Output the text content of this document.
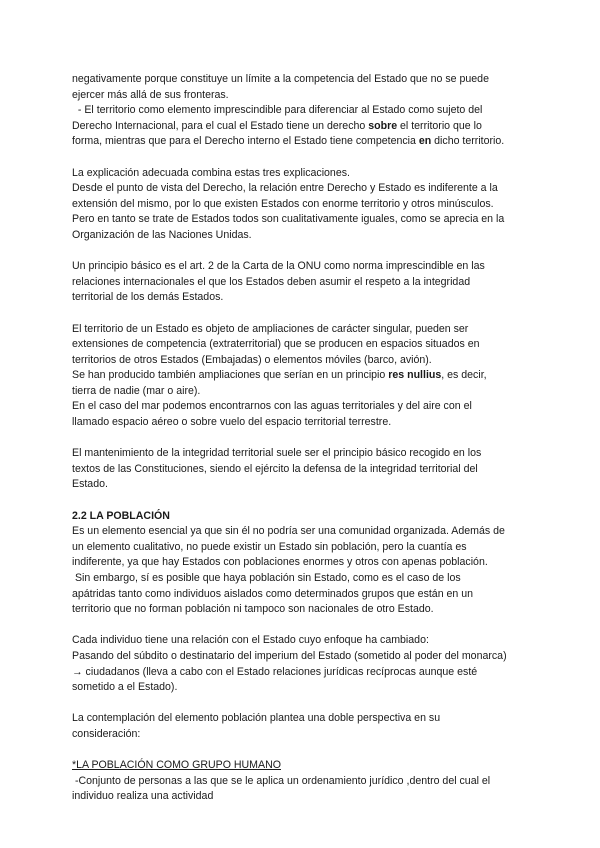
negativamente porque constituye un límite a la competencia del Estado que no se puede
ejercer más allá de sus fronteras.
- El territorio como elemento imprescindible para diferenciar al Estado como sujeto del
Derecho Internacional, para el cual el Estado tiene un derecho sobre el territorio que lo
forma, mientras que para el Derecho interno el Estado tiene competencia en dicho territorio.
La explicación adecuada combina estas tres explicaciones.
Desde el punto de vista del Derecho, la relación entre Derecho y Estado es indiferente a la
extensión del mismo, por lo que existen Estados con enorme territorio y otros minúsculos.
Pero en tanto se trate de Estados todos son cualitativamente iguales, como se aprecia en la
Organización de las Naciones Unidas.
Un principio básico es el art. 2 de la Carta de la ONU como norma imprescindible en las
relaciones internacionales el que los Estados deben asumir el respeto a la integridad
territorial de los demás Estados.
El territorio de un Estado es objeto de ampliaciones de carácter singular, pueden ser
extensiones de competencia (extraterritorial) que se producen en espacios situados en
territorios de otros Estados (Embajadas) o elementos móviles (barco, avión).
Se han producido también ampliaciones que serían en un principio res nullius, es decir,
tierra de nadie (mar o aire).
En el caso del mar podemos encontrarnos con las aguas territoriales y del aire con el
llamado espacio aéreo o sobre vuelo del espacio territorial terrestre.
El mantenimiento de la integridad territorial suele ser el principio básico recogido en los
textos de las Constituciones, siendo el ejército la defensa de la integridad territorial del
Estado.
2.2 LA POBLACIÓN
Es un elemento esencial ya que sin él no podría ser una comunidad organizada. Además de
un elemento cualitativo, no puede existir un Estado sin población, pero la cuantía es
indiferente, ya que hay Estados con poblaciones enormes y otros con apenas población.
Sin embargo, sí es posible que haya población sin Estado, como es el caso de los
apátridas tanto como individuos aislados como determinados grupos que están en un
territorio que no forman población ni tampoco son nacionales de otro Estado.
Cada individuo tiene una relación con el Estado cuyo enfoque ha cambiado:
Pasando del súbdito o destinatario del imperium del Estado (sometido al poder del monarca)
→ ciudadanos (lleva a cabo con el Estado relaciones jurídicas recíprocas aunque esté
sometido a el Estado).
La contemplación del elemento población plantea una doble perspectiva en su
consideración:
*LA POBLACIÓN COMO GRUPO HUMANO
-Conjunto de personas a las que se le aplica un ordenamiento jurídico ,dentro del cual el
individuo realiza una actividad
